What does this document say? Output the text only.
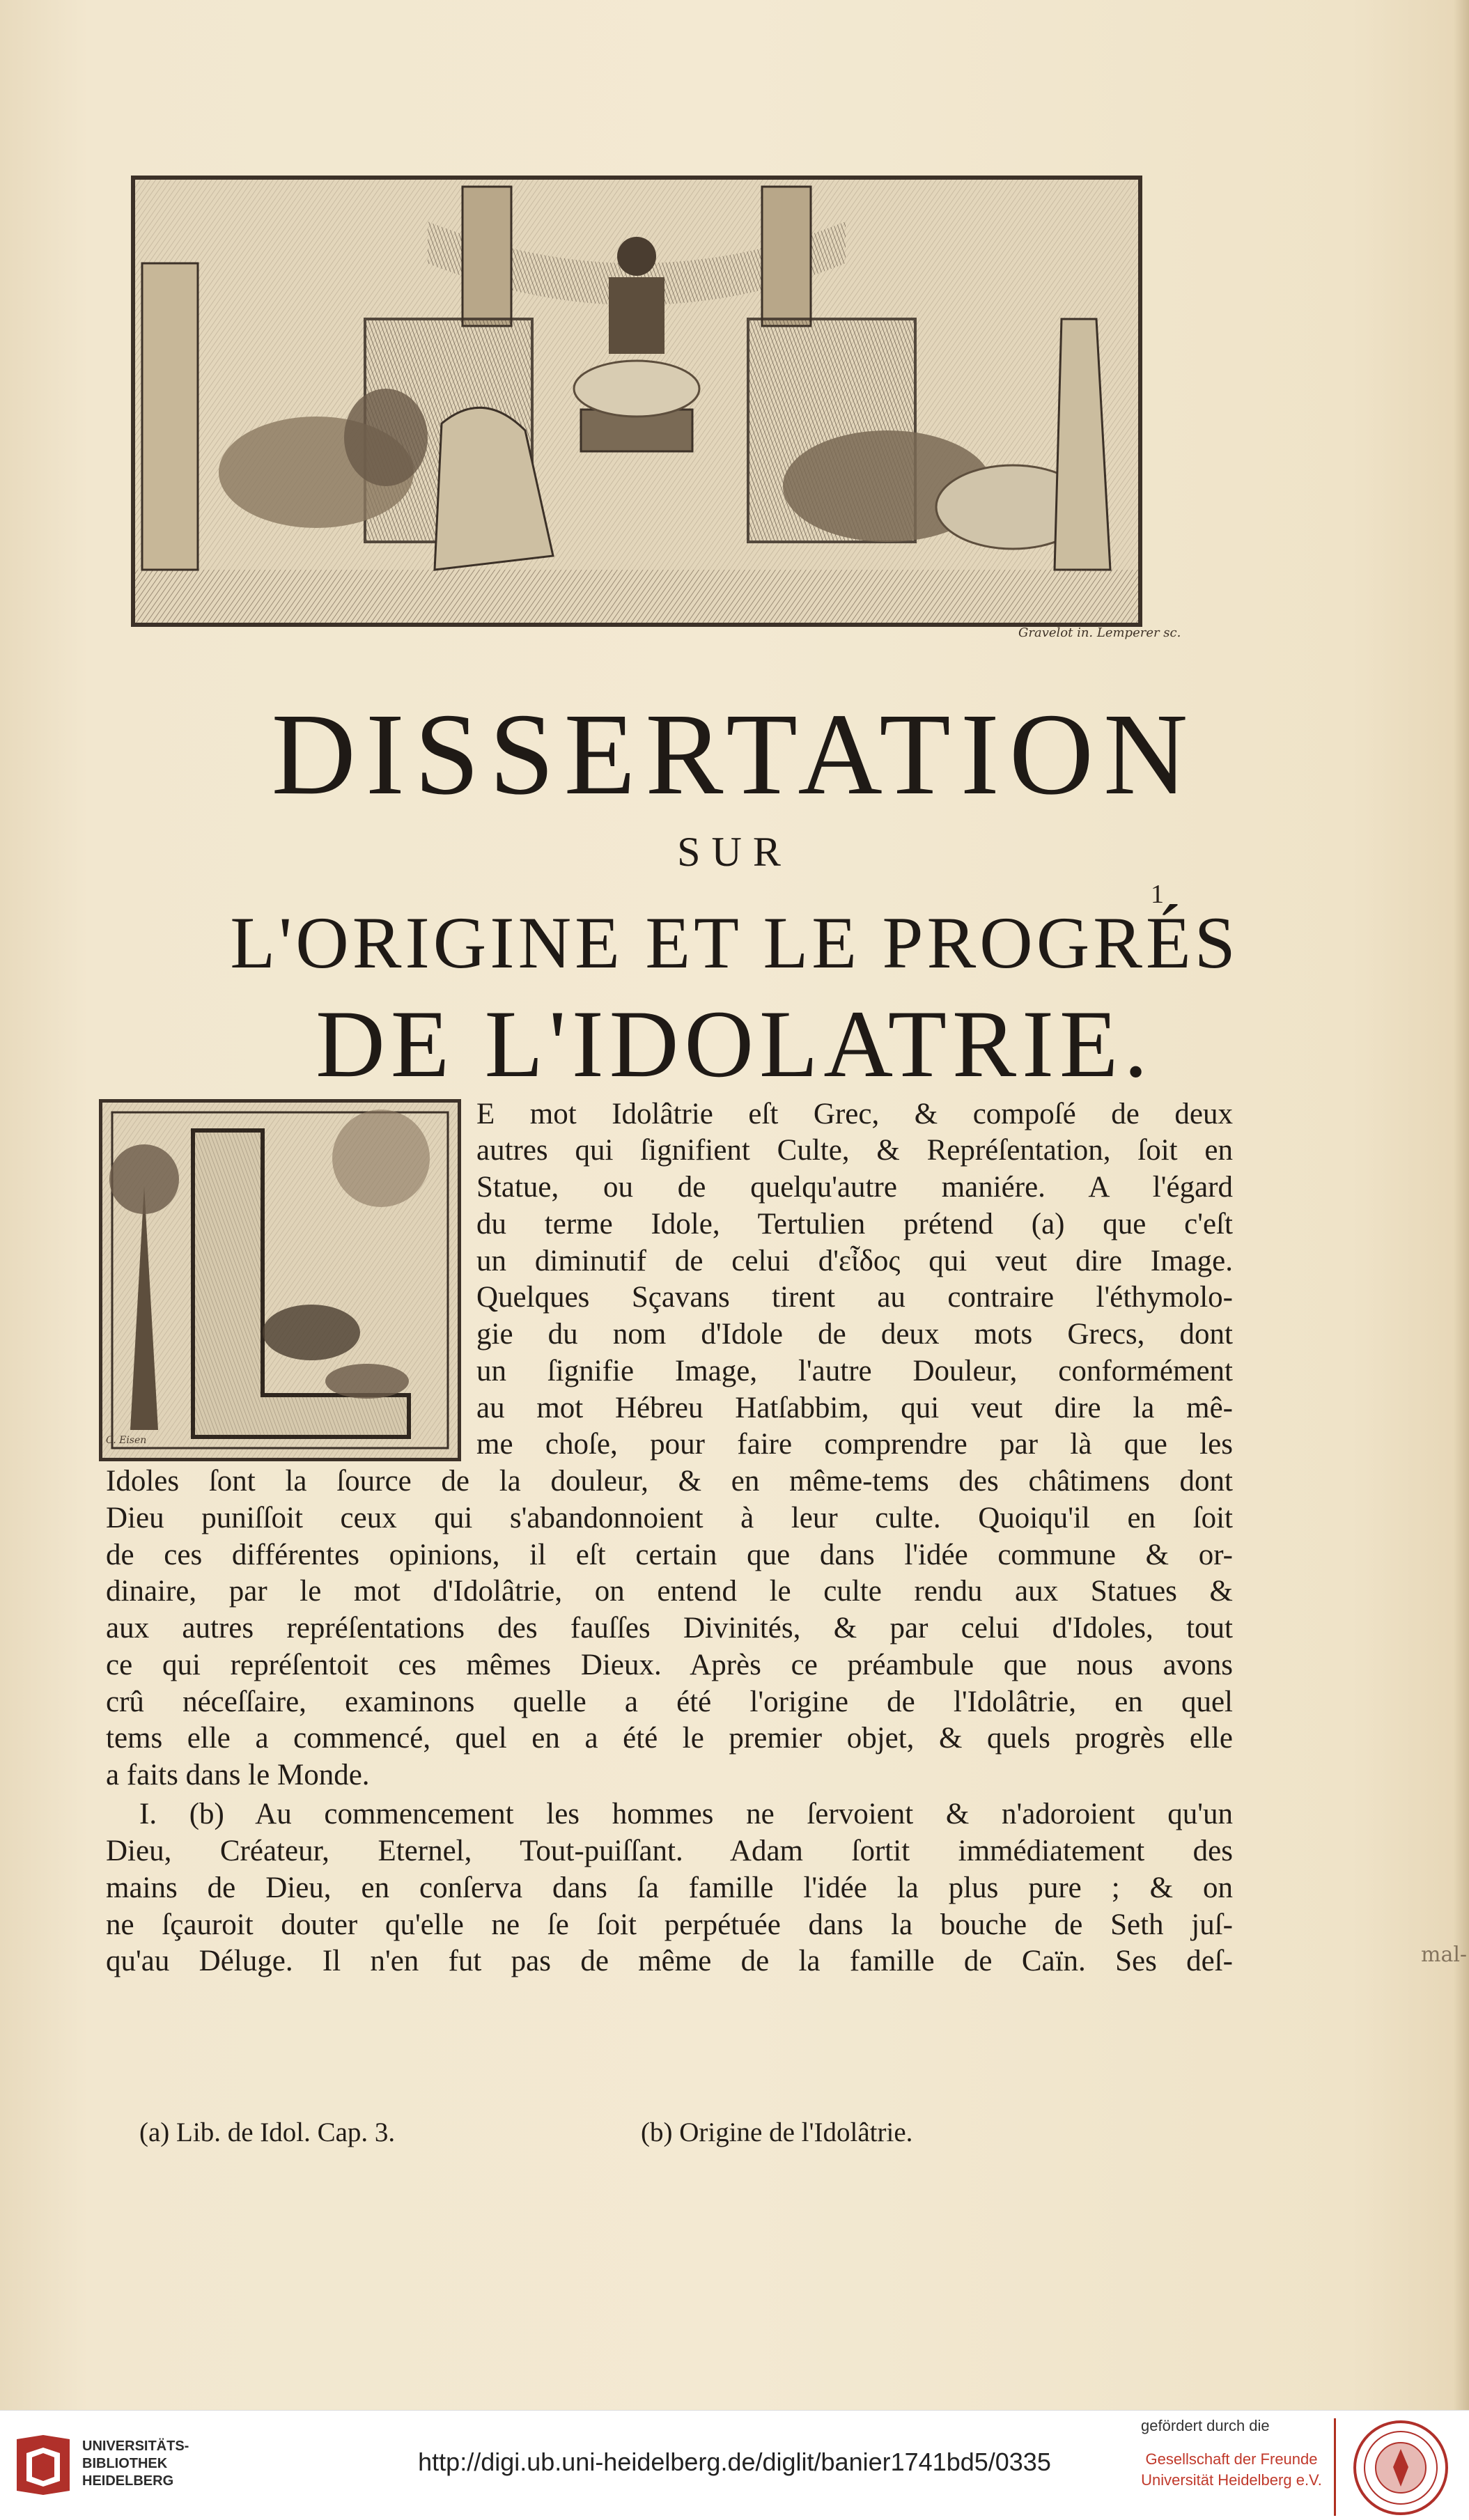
mal-
Gravelot in. Lemperer sc.
DISSERTATION
SUR
L'ORIGINE ET LE PROGRÉS
DE L'IDOLATRIE.
1
C. Eisen
E mot Idolâtrie eſt Grec, & compoſé de deux
autres qui ſignifient Culte, & Repréſentation, ſoit en
Statue, ou de quelqu'autre maniére. A l'égard
du terme Idole, Tertulien prétend (a) que c'eſt
un diminutif de celui d'εἶδος qui veut dire Image.
Quelques Sçavans tirent au contraire l'éthymolo-
gie du nom d'Idole de deux mots Grecs, dont
un ſignifie Image, l'autre Douleur, conformément
au mot Hébreu Hatſabbim, qui veut dire la mê-
me choſe, pour faire comprendre par là que les
Idoles ſont la ſource de la douleur, & en même-tems des châtimens dont
Dieu puniſſoit ceux qui s'abandonnoient à leur culte. Quoiqu'il en ſoit
de ces différentes opinions, il eſt certain que dans l'idée commune & or-
dinaire, par le mot d'Idolâtrie, on entend le culte rendu aux Statues &
aux autres repréſentations des fauſſes Divinités, & par celui d'Idoles, tout
ce qui repréſentoit ces mêmes Dieux. Après ce préambule que nous avons
crû néceſſaire, examinons quelle a été l'origine de l'Idolâtrie, en quel
tems elle a commencé, quel en a été le premier objet, & quels progrès elle
a faits dans le Monde.
I. (b) Au commencement les hommes ne ſervoient & n'adoroient qu'un
Dieu, Créateur, Eternel, Tout-puiſſant. Adam ſortit immédiatement des
mains de Dieu, en conſerva dans ſa famille l'idée la plus pure ; & on
ne ſçauroit douter qu'elle ne ſe ſoit perpétuée dans la bouche de Seth juſ-
qu'au Déluge. Il n'en fut pas de même de la famille de Caïn. Ses deſ-
(a) Lib. de Idol. Cap. 3.	(b) Origine de l'Idolâtrie.
UNIVERSITÄTS-
BIBLIOTHEK
HEIDELBERG
http://digi.ub.uni-heidelberg.de/diglit/banier1741bd5/0335
gefördert durch die
Gesellschaft der Freunde
Universität Heidelberg e.V.
